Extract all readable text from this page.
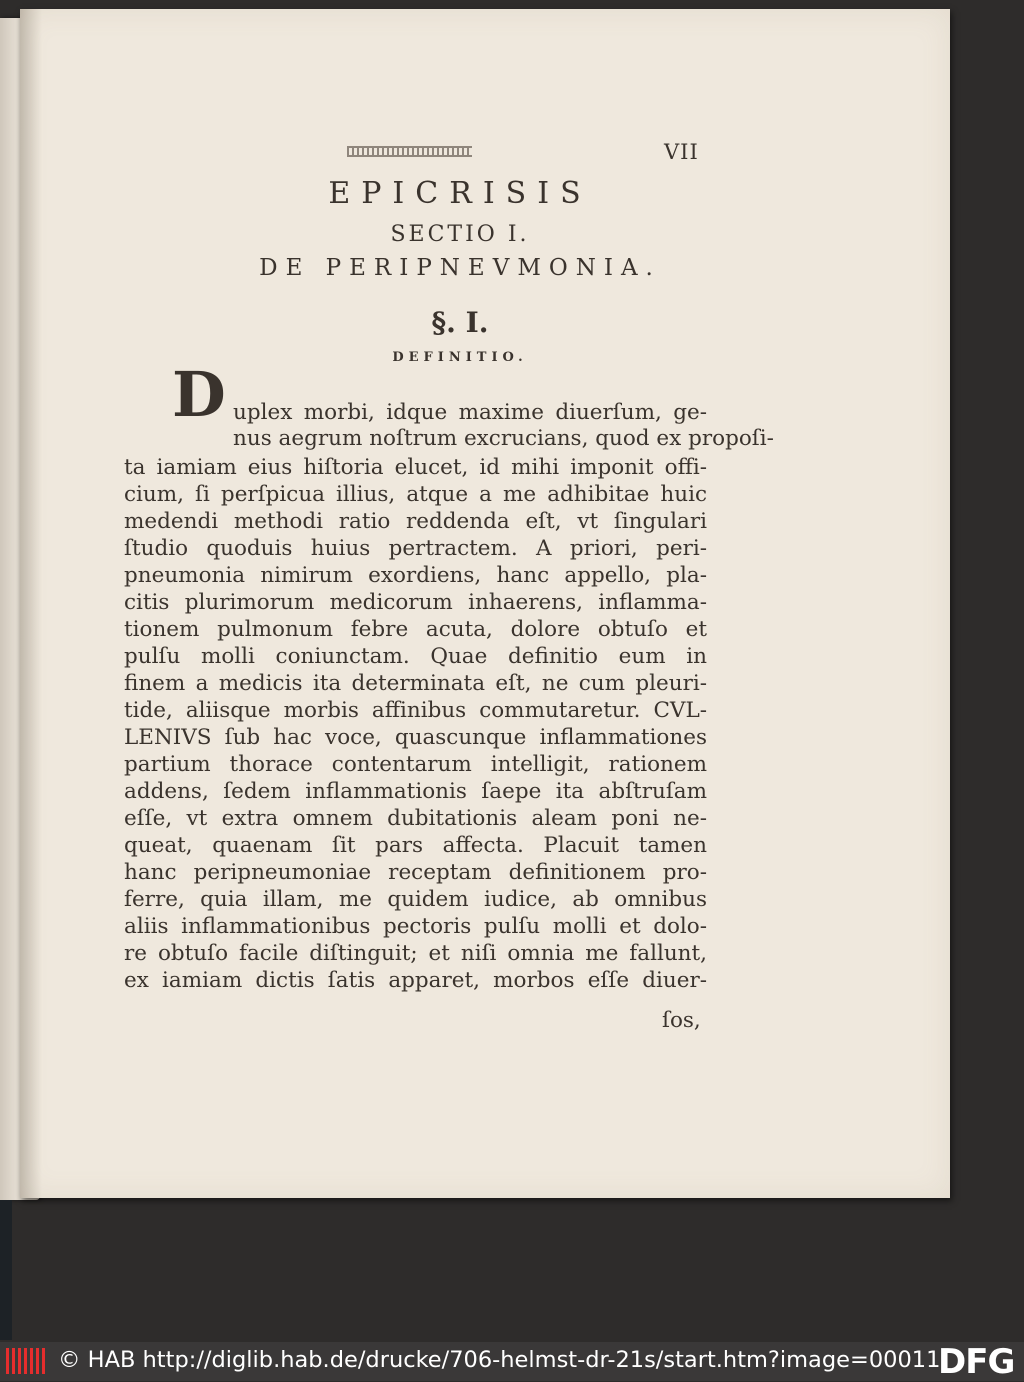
VII
EPICRISIS
SECTIO I.
DE PERIPNEVMONIA.
§. I.
DEFINITIO.
D uplex morbi, idque maxime diuerſum, ge-
nus aegrum noſtrum excrucians, quod ex propoſi-
ta iamiam eius hiſtoria elucet, id mihi imponit offi-
cium, ſi perſpicua illius, atque a me adhibitae huic
medendi methodi ratio reddenda eſt, vt ſingulari
ſtudio quoduis huius pertractem. A priori, peri-
pneumonia nimirum exordiens, hanc appello, pla-
citis plurimorum medicorum inhaerens, inflamma-
tionem pulmonum febre acuta, dolore obtuſo et
pulſu molli coniunctam. Quae definitio eum in
finem a medicis ita determinata eſt, ne cum pleuri-
tide, aliisque morbis affinibus commutaretur. CVL-
LENIVS ſub hac voce, quascunque inflammationes
partium thorace contentarum intelligit, rationem
addens, ſedem inflammationis ſaepe ita abſtruſam
eſſe, vt extra omnem dubitationis aleam poni ne-
queat, quaenam ſit pars affecta. Placuit tamen
hanc peripneumoniae receptam definitionem pro-
ferre, quia illam, me quidem iudice, ab omnibus
aliis inflammationibus pectoris pulſu molli et dolo-
re obtuſo facile diſtinguit; et niſi omnia me fallunt,
ex iamiam dictis ſatis apparet, morbos eſſe diuer-
ſos,
© HAB http://diglib.hab.de/drucke/706-helmst-dr-21s/start.htm?image=00011
DFG
